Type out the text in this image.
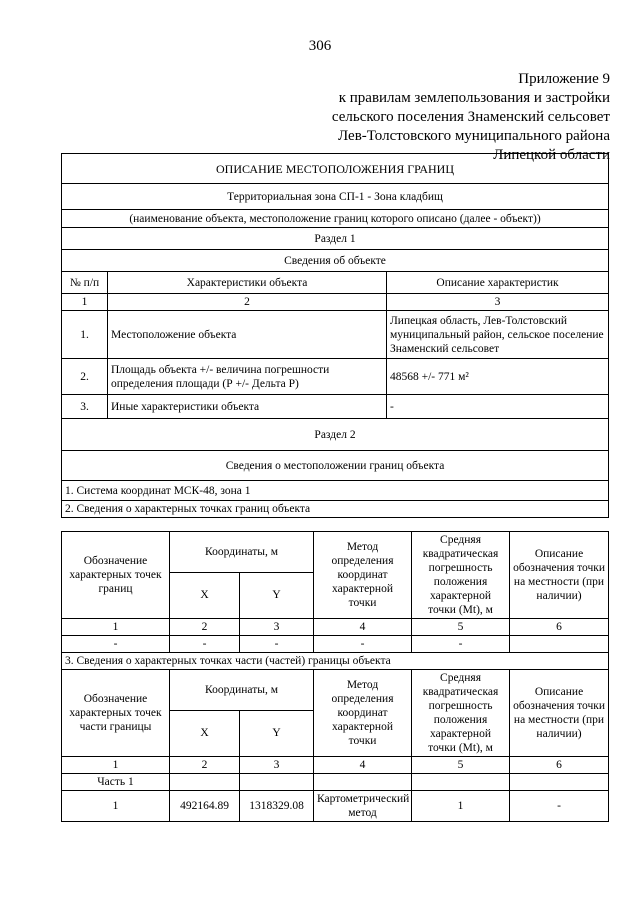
306
Приложение 9
к правилам землепользования и застройки
сельского поселения Знаменский сельсовет
Лев-Толстовского муниципального района
Липецкой области
ОПИСАНИЕ МЕСТОПОЛОЖЕНИЯ ГРАНИЦ		
Территориальная зона СП-1 - Зона кладбищ		
(наименование объекта, местоположение границ которого описано (далее - объект))		
Раздел 1		
Сведения об объекте		
№ п/п	Характеристики объекта	Описание характеристик
1	2	3
1.	Местоположение объекта	Липецкая область, Лев-Толстовский муниципальный район, сельское поселение Знаменский сельсовет
2.	Площадь объекта +/- величина погрешности определения площади (Р +/- Дельта Р)	48568 +/- 771 м²
3.	Иные характеристики объекта	-
Раздел 2		
Сведения о местоположении границ объекта		
1. Система координат МСК-48, зона 1		
2. Сведения о характерных точках границ объекта		
Обозначение характерных точек границ	Координаты, м		Метод определения координат характерной точки	Средняя квадратическая погрешность положения характерной точки (Mt), м	Описание обозначения точки на местности (при наличии)
	X	Y			
1	2	3	4	5	6
-	-	-	-	-	
3. Сведения о характерных точках части (частей) границы объекта					
Обозначение характерных точек части границы	Координаты, м		Метод определения координат характерной точки	Средняя квадратическая погрешность положения характерной точки (Mt), м	Описание обозначения точки на местности (при наличии)
	X	Y			
1	2	3	4	5	6
Часть 1					
1	492164.89	1318329.08	Картометрический метод	1	-
